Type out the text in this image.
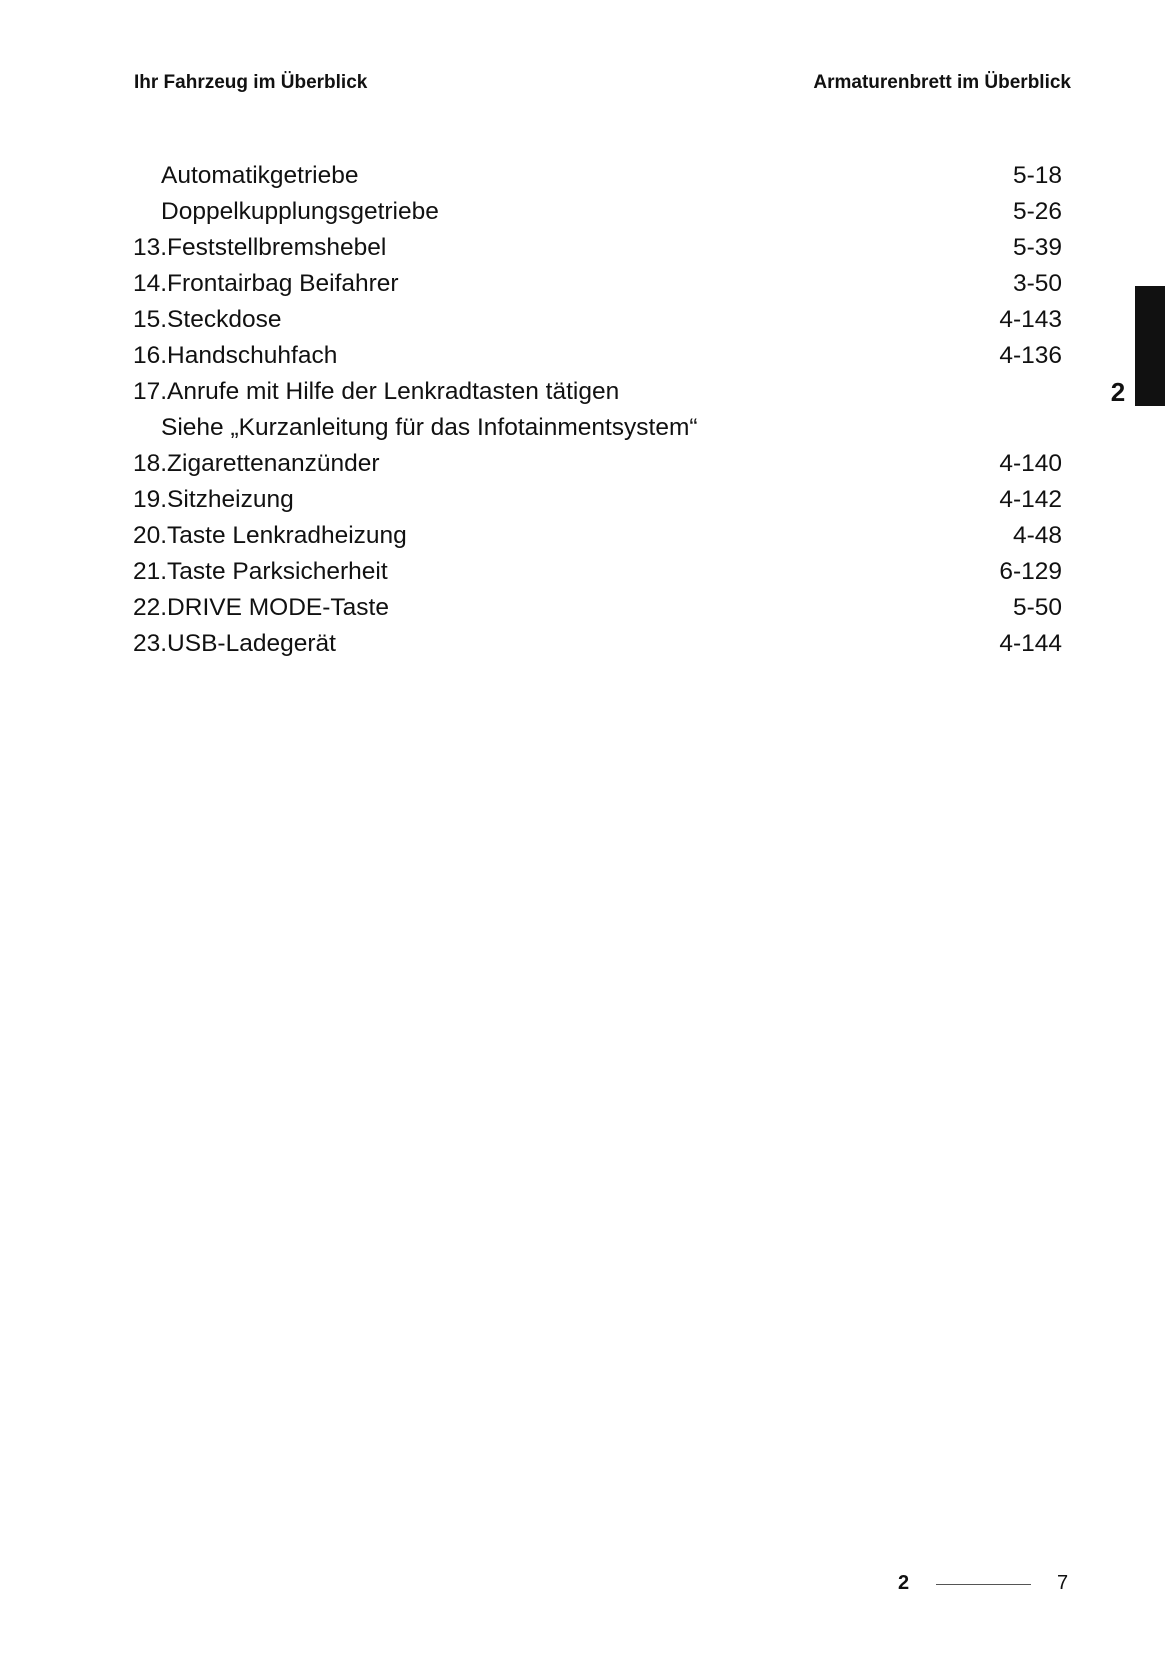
Ihr Fahrzeug im Überblick	Armaturenbrett im Überblick
Automatikgetriebe	5-18
Doppelkupplungsgetriebe	5-26
13.Feststellbremshebel	5-39
14.Frontairbag Beifahrer	3-50
15.Steckdose	4-143
16.Handschuhfach	4-136
17.Anrufe mit Hilfe der Lenkradtasten tätigen
Siehe „Kurzanleitung für das Infotainmentsystem“
18.Zigarettenanzünder	4-140
19.Sitzheizung	4-142
20.Taste Lenkradheizung	4-48
21.Taste Parksicherheit	6-129
22.DRIVE MODE-Taste	5-50
23.USB-Ladegerät	4-144
2
2	7
